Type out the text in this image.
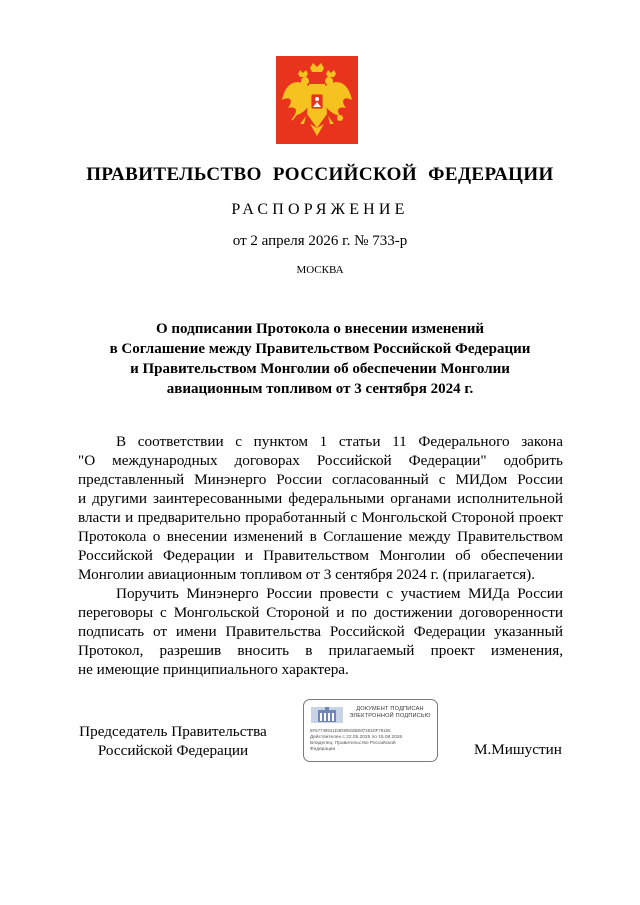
ПРАВИТЕЛЬСТВО РОССИЙСКОЙ ФЕДЕРАЦИИ
РАСПОРЯЖЕНИЕ
от 2 апреля 2026 г. № 733-р
МОСКВА
О подписании Протокола о внесении изменений
в Соглашение между Правительством Российской Федерации
и Правительством Монголии об обеспечении Монголии
авиационным топливом от 3 сентября 2024 г.

В соответствии с пунктом 1 статьи 11 Федерального закона
"О международных договорах Российской Федерации" одобрить
представленный Минэнерго России согласованный с МИДом России
и другими заинтересованными федеральными органами исполнительной
власти и предварительно проработанный с Монгольской Стороной проект
Протокола о внесении изменений в Соглашение между Правительством
Российской Федерации и Правительством Монголии об обеспечении
Монголии авиационным топливом от 3 сентября 2024 г. (прилагается).

Поручить Минэнерго России провести с участием МИДа России
переговоры с Монгольской Стороной и по достижении договоренности
подписать от имени Правительства Российской Федерации указанный
Протокол, разрешив вносить в прилагаемый проект изменения,
не имеющие принципиального характера.

Председатель Правительства
Российской Федерации
ДОКУМЕНТ ПОДПИСАН
ЭЛЕКТРОННОЙ ПОДПИСЬЮ
6F67748541D3D9081BBM7281DF79155
Действителен с 22.05.2025 по 15.08.2026
Владелец: Правительство Российской Федерации	М.Мишустин
